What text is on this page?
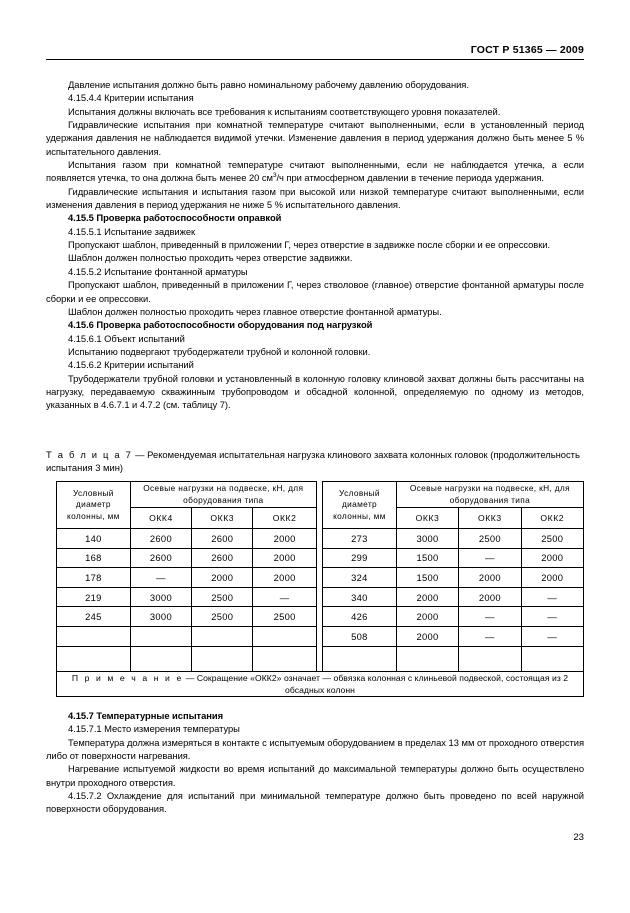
ГОСТ Р 51365 — 2009

Давление испытания должно быть равно номинальному рабочему давлению оборудования.

4.15.4.4 Критерии испытания

Испытания должны включать все требования к испытаниям соответствующего уровня показателей.

Гидравлические испытания при комнатной температуре считают выполненными, если в установленный период удержания давления не наблюдается видимой утечки. Изменение давления в период удержания должно быть менее 5 % испытательного давления.

Испытания газом при комнатной температуре считают выполненными, если не наблюдается утечка, а если появляется утечка, то она должна быть менее 20 $см^3/ч$ при атмосферном давлении в течение периода удержания.

Гидравлические испытания и испытания газом при высокой или низкой температуре считают выполненными, если изменения давления в период удержания не ниже 5 % испытательного давления.

4.15.5 Проверка работоспособности оправкой

4.15.5.1 Испытание задвижек

Пропускают шаблон, приведенный в приложении Г, через отверстие в задвижке после сборки и ее опрессовки.

Шаблон должен полностью проходить через отверстие задвижки.

4.15.5.2 Испытание фонтанной арматуры

Пропускают шаблон, приведенный в приложении Г, через стволовое (главное) отверстие фонтанной арматуры после сборки и ее опрессовки.

Шаблон должен полностью проходить через главное отверстие фонтанной арматуры.

4.15.6 Проверка работоспособности оборудования под нагрузкой

4.15.6.1 Объект испытаний

Испытанию подвергают трубодержатели трубной и колонной головки.

4.15.6.2 Критерии испытаний

Трубодержатели трубной головки и установленный в колонную головку клиновой захват должны быть рассчитаны на нагрузку, передаваемую скважинным трубопроводом и обсадной колонной, определяемую по одному из методов, указанных в 4.6.7.1 и 4.7.2 (см. таблицу 7).

Т а б л и ц а 7 — Рекомендуемая испытательная нагрузка клинового захвата колонных головок (продолжительность испытания 3 мин)
Условный диаметр колонны, мм	Осевые нагрузки на подвеске, кН, для оборудования типа				Условный диаметр колонны, мм	Осевые нагрузки на подвеске, кН, для оборудования типа		
	ОКК4	ОКК3	ОКК2			ОКК3	ОКК3	ОКК2
140	2600	2600	2000		273	3000	2500	2500
168	2600	2600	2000		299	1500	—	2000
178	—	2000	2000		324	1500	2000	2000
219	3000	2500	—		340	2000	2000	—
245	3000	2500	2500		426	2000	—	—
					508	2000	—	—

П р и м е ч а н и е — Сокращение «ОКК2» означает — обвязка колонная с клиньевой подвеской, состоящая из 2 обсадных колонн								

4.15.7 Температурные испытания

4.15.7.1 Место измерения температуры

Температура должна измеряться в контакте с испытуемым оборудованием в пределах 13 мм от проходного отверстия либо от поверхности нагревания.

Нагревание испытуемой жидкости во время испытаний до максимальной температуры должно быть осуществлено внутри проходного отверстия.

4.15.7.2 Охлаждение для испытаний при минимальной температуре должно быть проведено по всей наружной поверхности оборудования.

23
